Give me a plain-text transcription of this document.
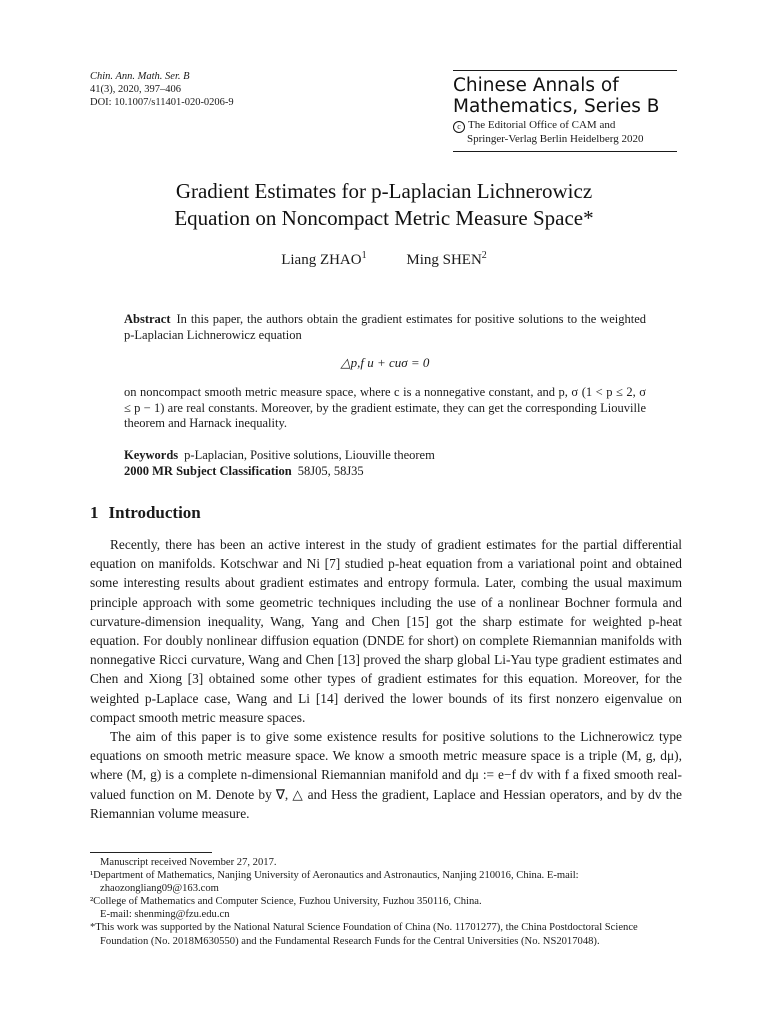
Chin. Ann. Math. Ser. B
41(3), 2020, 397–406
DOI: 10.1007/s11401-020-0206-9
Chinese Annals of
Mathematics, Series B
c The Editorial Office of CAM and
Springer-Verlag Berlin Heidelberg 2020
Gradient Estimates for p-Laplacian Lichnerowicz
Equation on Noncompact Metric Measure Space*
Liang ZHAO$^1$	Ming SHEN$^2$
Abstract In this paper, the authors obtain the gradient estimates for positive solutions to the weighted p-Laplacian Lichnerowicz equation
△p,f u + cuσ = 0
on noncompact smooth metric measure space, where c is a nonnegative constant, and p, σ (1 < p ≤ 2, σ ≤ p − 1) are real constants. Moreover, by the gradient estimate, they can get the corresponding Liouville theorem and Harnack inequality.
Keywords p-Laplacian, Positive solutions, Liouville theorem
2000 MR Subject Classification 58J05, 58J35
1 Introduction

Recently, there has been an active interest in the study of gradient estimates for the partial differential equation on manifolds. Kotschwar and Ni [7] studied p-heat equation from a variational point and obtained some interesting results about gradient estimates and entropy formula. Later, combing the usual maximum principle approach with some geometric techniques including the use of a nonlinear Bochner formula and curvature-dimension inequality, Wang, Yang and Chen [15] got the sharp estimate for weighted p-heat equation. For doubly nonlinear diffusion equation (DNDE for short) on complete Riemannian manifolds with nonnegative Ricci curvature, Wang and Chen [13] proved the sharp global Li-Yau type gradient estimates and Chen and Xiong [3] obtained some other types of gradient estimates for this equation. Moreover, for the weighted p-Laplace case, Wang and Li [14] derived the lower bounds of its first nonzero eigenvalue on compact smooth metric measure spaces.

The aim of this paper is to give some existence results for positive solutions to the Lichnerowicz type equations on smooth metric measure space. We know a smooth metric measure space is a triple (M, g, dμ), where (M, g) is a complete n-dimensional Riemannian manifold and dμ := e−f dv with f a fixed smooth real-valued function on M. Denote by ∇, △ and Hess the gradient, Laplace and Hessian operators, and by dv the Riemannian volume measure.

Manuscript received November 27, 2017.
¹Department of Mathematics, Nanjing University of Aeronautics and Astronautics, Nanjing 210016, China. E-mail: zhaozongliang09@163.com
²College of Mathematics and Computer Science, Fuzhou University, Fuzhou 350116, China.
E-mail: shenming@fzu.edu.cn
*This work was supported by the National Natural Science Foundation of China (No. 11701277), the China Postdoctoral Science Foundation (No. 2018M630550) and the Fundamental Research Funds for the Central Universities (No. NS2017048).
